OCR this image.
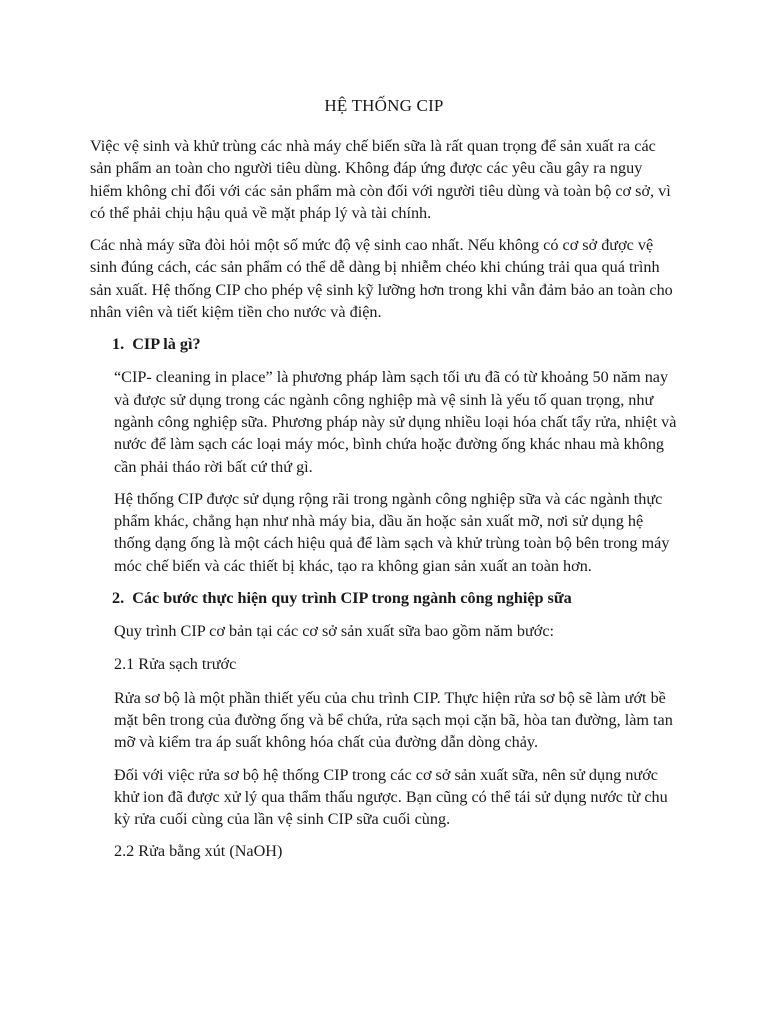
HỆ THỐNG CIP

Việc vệ sinh và khử trùng các nhà máy chế biến sữa là rất quan trọng để sản xuất ra các sản phẩm an toàn cho người tiêu dùng. Không đáp ứng được các yêu cầu gây ra nguy hiểm không chỉ đối với các sản phẩm mà còn đối với người tiêu dùng và toàn bộ cơ sở, vì có thể phải chịu hậu quả về mặt pháp lý và tài chính.

Các nhà máy sữa đòi hỏi một số mức độ vệ sinh cao nhất. Nếu không có cơ sở được vệ sinh đúng cách, các sản phẩm có thể dễ dàng bị nhiễm chéo khi chúng trải qua quá trình sản xuất. Hệ thống CIP cho phép vệ sinh kỹ lưỡng hơn trong khi vẫn đảm bảo an toàn cho nhân viên và tiết kiệm tiền cho nước và điện.

1.  CIP là gì?

“CIP- cleaning in place” là phương pháp làm sạch tối ưu đã có từ khoảng 50 năm nay và được sử dụng trong các ngành công nghiệp mà vệ sinh là yếu tố quan trọng, như ngành công nghiệp sữa. Phương pháp này sử dụng nhiều loại hóa chất tẩy rửa, nhiệt và nước để làm sạch các loại máy móc, bình chứa hoặc đường ống khác nhau mà không cần phải tháo rời bất cứ thứ gì.

Hệ thống CIP được sử dụng rộng rãi trong ngành công nghiệp sữa và các ngành thực phẩm khác, chẳng hạn như nhà máy bia, dầu ăn hoặc sản xuất mỡ, nơi sử dụng hệ thống dạng ống là một cách hiệu quả để làm sạch và khử trùng toàn bộ bên trong máy móc chế biến và các thiết bị khác, tạo ra không gian sản xuất an toàn hơn.

2.  Các bước thực hiện quy trình CIP trong ngành công nghiệp sữa

Quy trình CIP cơ bản tại các cơ sở sản xuất sữa bao gồm năm bước:

2.1 Rửa sạch trước

Rửa sơ bộ là một phần thiết yếu của chu trình CIP. Thực hiện rửa sơ bộ sẽ làm ướt bề mặt bên trong của đường ống và bể chứa, rửa sạch mọi cặn bã, hòa tan đường, làm tan mỡ và kiểm tra áp suất không hóa chất của đường dẫn dòng chảy.

Đối với việc rửa sơ bộ hệ thống CIP trong các cơ sở sản xuất sữa, nên sử dụng nước khử ion đã được xử lý qua thẩm thấu ngược. Bạn cũng có thể tái sử dụng nước từ chu kỳ rửa cuối cùng của lần vệ sinh CIP sữa cuối cùng.

2.2 Rửa bằng xút (NaOH)
